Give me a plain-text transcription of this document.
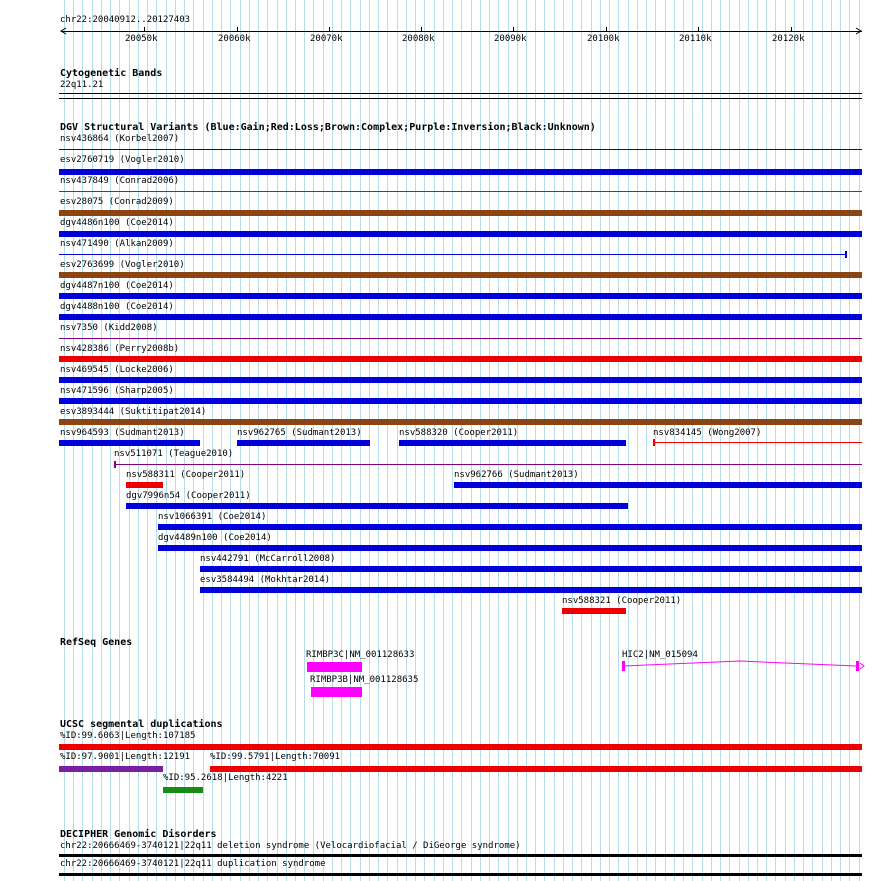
chr22:20040912..20127403
20050k	20060k	20070k	20080k	20090k	20100k	20110k	20120k
Cytogenetic Bands
22q11.21
DGV Structural Variants (Blue:Gain;Red:Loss;Brown:Complex;Purple:Inversion;Black:Unknown)
nsv436864 (Korbel2007)
esv2760719 (Vogler2010)
nsv437849 (Conrad2006)
esv28075 (Conrad2009)
dgv4486n100 (Coe2014)
nsv471490 (Alkan2009)
esv2763699 (Vogler2010)
dgv4487n100 (Coe2014)
dgv4488n100 (Coe2014)
nsv7350 (Kidd2008)
nsv428386 (Perry2008b)
nsv469545 (Locke2006)
nsv471596 (Sharp2005)
esv3893444 (Suktitipat2014)
nsv964593 (Sudmant2013)	nsv962765 (Sudmant2013)	nsv588320 (Cooper2011)	nsv834145 (Wong2007)
nsv511071 (Teague2010)
nsv588311 (Cooper2011)	nsv962766 (Sudmant2013)
dgv7996n54 (Cooper2011)
nsv1066391 (Coe2014)
dgv4489n100 (Coe2014)
nsv442791 (McCarroll2008)
esv3584494 (Mokhtar2014)
nsv588321 (Cooper2011)
RefSeq Genes
RIMBP3C|NM_001128633
RIMBP3B|NM_001128635
HIC2|NM_015094
UCSC segmental duplications
%ID:99.6063|Length:107185
%ID:97.9001|Length:12191 %ID:99.5791|Length:70091
%ID:95.2618|Length:4221
DECIPHER Genomic Disorders
chr22:20666469-3740121|22q11 deletion syndrome (Velocardiofacial / DiGeorge syndrome)
chr22:20666469-3740121|22q11 duplication syndrome
